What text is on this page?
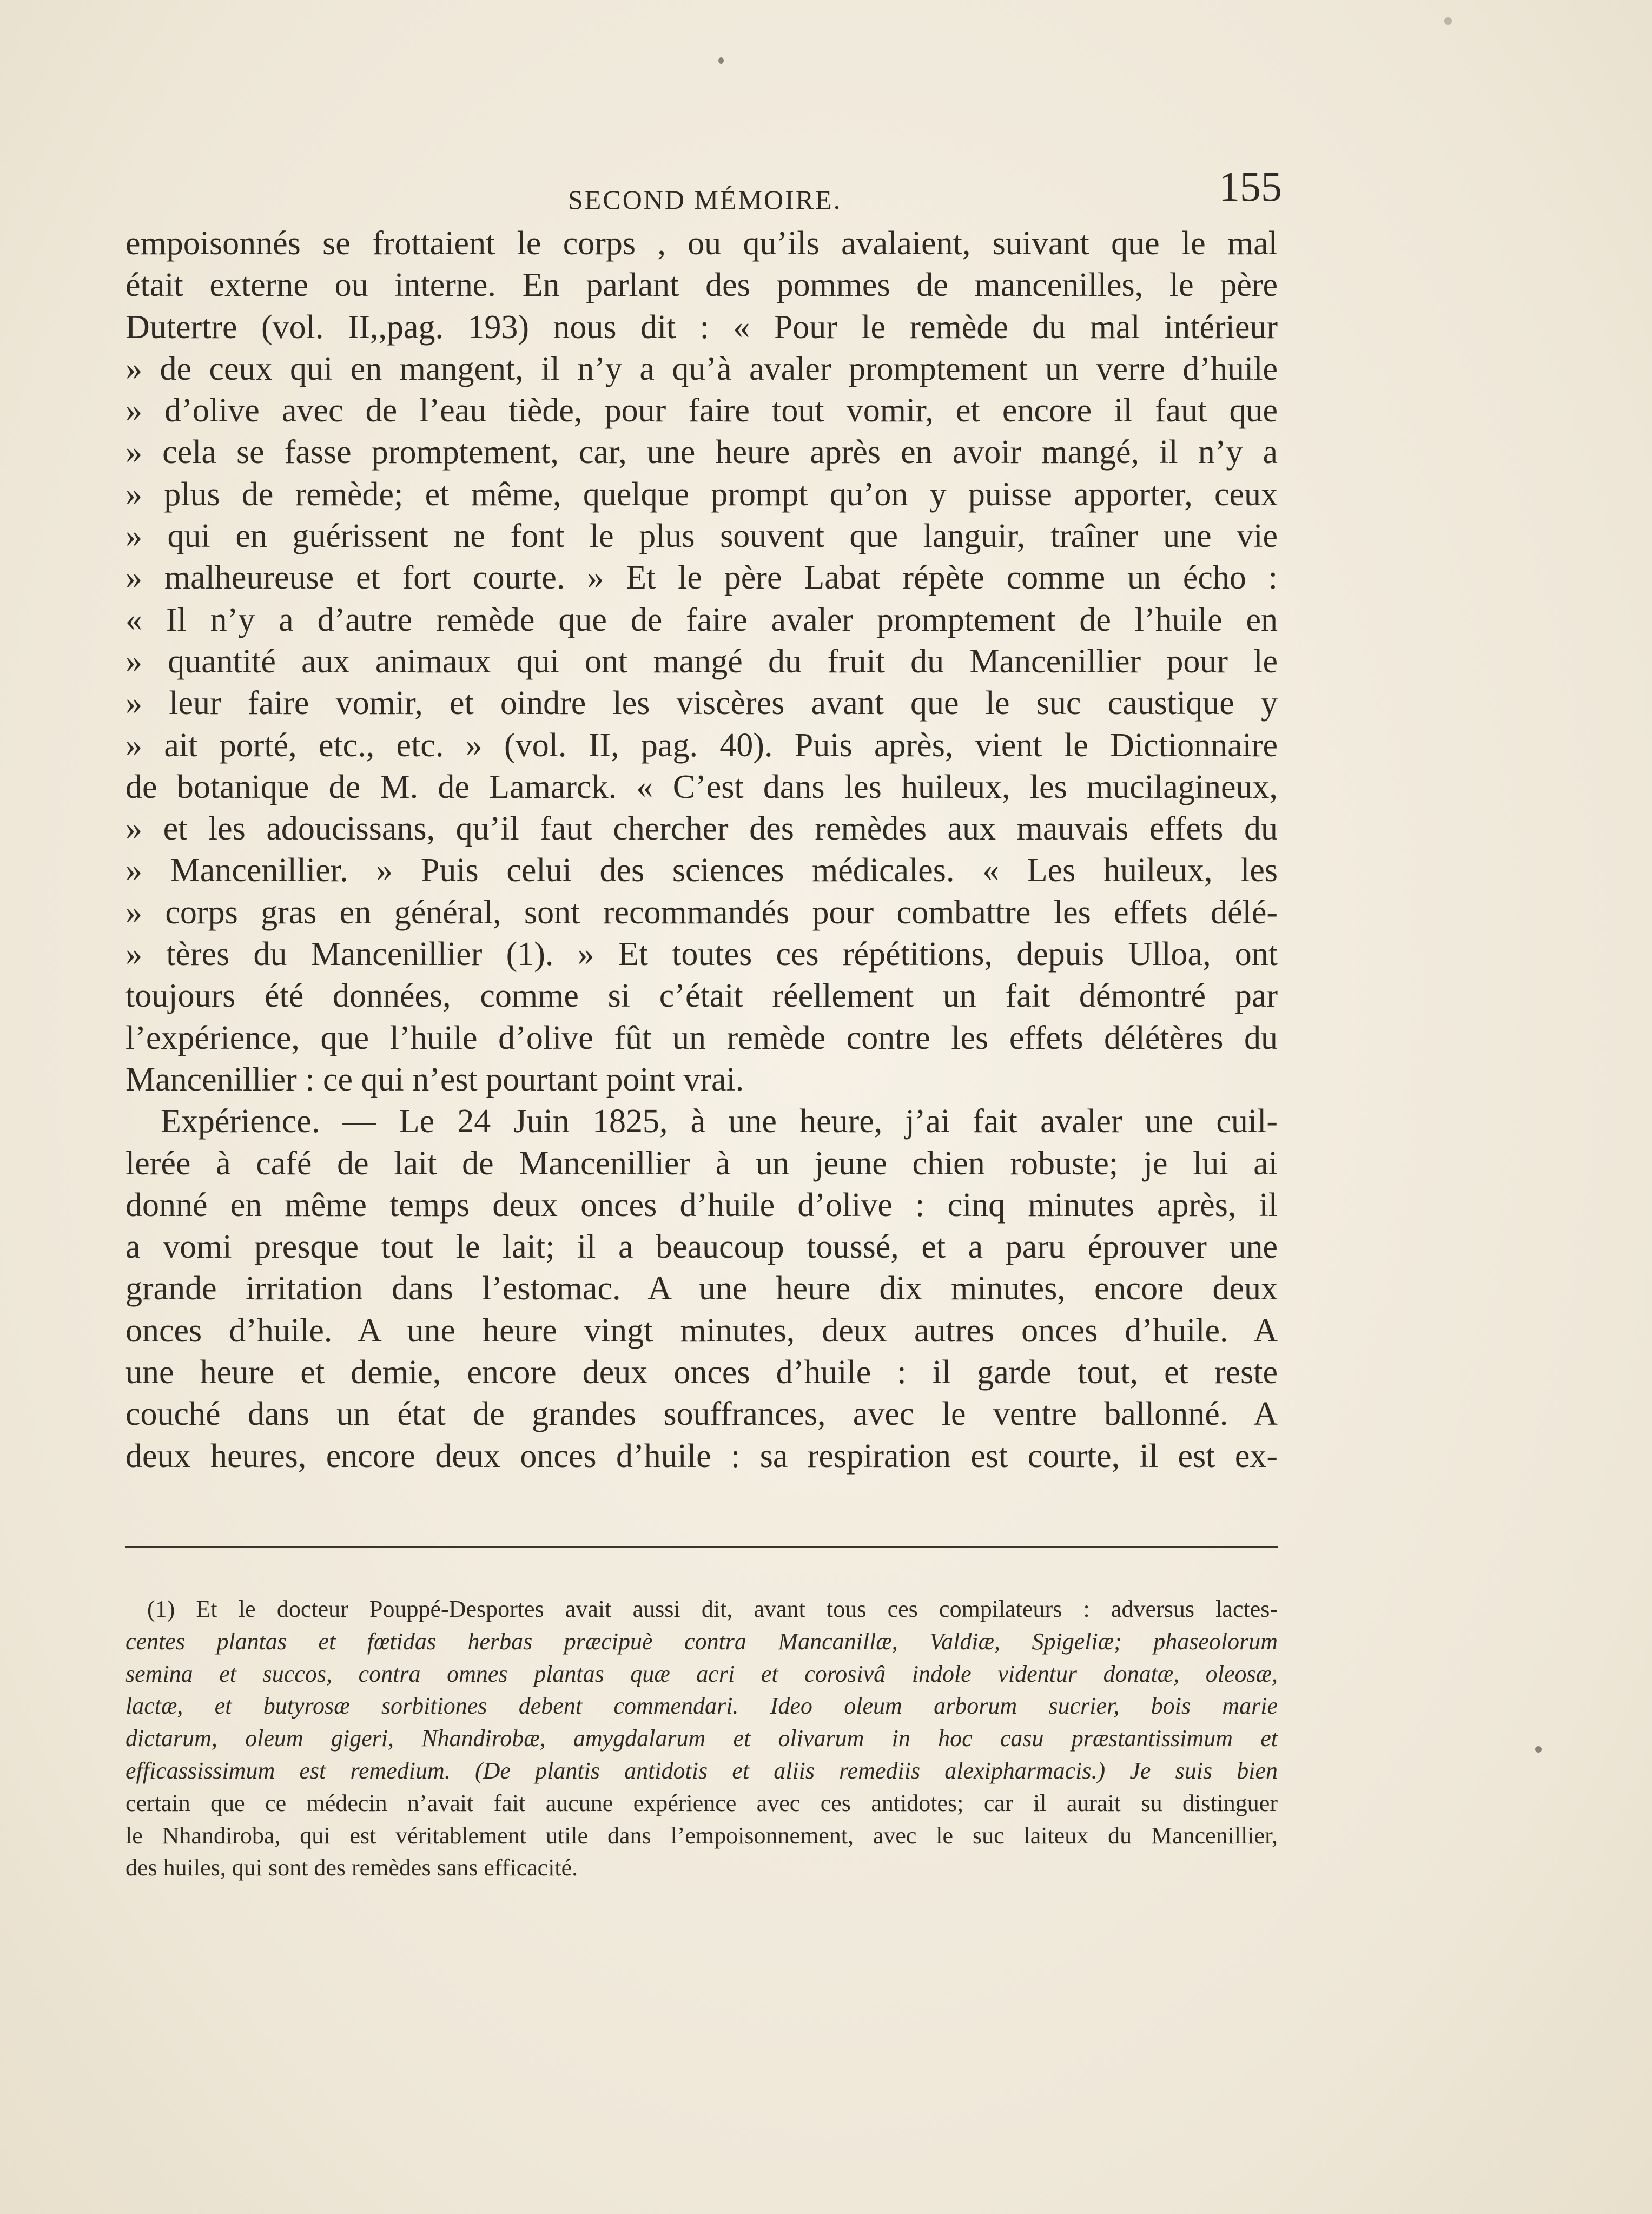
SECOND MÉMOIRE.	155
empoisonnés se frottaient le corps , ou qu’ils avalaient, suivant que le mal
était externe ou interne. En parlant des pommes de mancenilles, le père
Dutertre (vol. II,,pag. 193) nous dit : « Pour le remède du mal intérieur
» de ceux qui en mangent, il n’y a qu’à avaler promptement un verre d’huile
» d’olive avec de l’eau tiède, pour faire tout vomir, et encore il faut que
» cela se fasse promptement, car, une heure après en avoir mangé, il n’y a
» plus de remède; et même, quelque prompt qu’on y puisse apporter, ceux
» qui en guérissent ne font le plus souvent que languir, traîner une vie
» malheureuse et fort courte. » Et le père Labat répète comme un écho :
« Il n’y a d’autre remède que de faire avaler promptement de l’huile en
» quantité aux animaux qui ont mangé du fruit du Mancenillier pour le
» leur faire vomir, et oindre les viscères avant que le suc caustique y
» ait porté, etc., etc. » (vol. II, pag. 40). Puis après, vient le Dictionnaire
de botanique de M. de Lamarck. « C’est dans les huileux, les mucilagineux,
» et les adoucissans, qu’il faut chercher des remèdes aux mauvais effets du
» Mancenillier. » Puis celui des sciences médicales. « Les huileux, les
» corps gras en général, sont recommandés pour combattre les effets délé-
» tères du Mancenillier (1). » Et toutes ces répétitions, depuis Ulloa, ont
toujours été données, comme si c’était réellement un fait démontré par
l’expérience, que l’huile d’olive fût un remède contre les effets délétères du
Mancenillier : ce qui n’est pourtant point vrai.
Expérience. — Le 24 Juin 1825, à une heure, j’ai fait avaler une cuil-
lerée à café de lait de Mancenillier à un jeune chien robuste; je lui ai
donné en même temps deux onces d’huile d’olive : cinq minutes après, il
a vomi presque tout le lait; il a beaucoup toussé, et a paru éprouver une
grande irritation dans l’estomac. A une heure dix minutes, encore deux
onces d’huile. A une heure vingt minutes, deux autres onces d’huile. A
une heure et demie, encore deux onces d’huile : il garde tout, et reste
couché dans un état de grandes souffrances, avec le ventre ballonné. A
deux heures, encore deux onces d’huile : sa respiration est courte, il est ex-
(1) Et le docteur Pouppé-Desportes avait aussi dit, avant tous ces compilateurs : adversus lactes-
centes plantas et fœtidas herbas præcipuè contra Mancanillæ, Valdiæ, Spigeliæ; phaseolorum
semina et succos, contra omnes plantas quæ acri et corosivâ indole videntur donatæ, oleosæ,
lactæ, et butyrosæ sorbitiones debent commendari. Ideo oleum arborum sucrier, bois marie
dictarum, oleum gigeri, Nhandirobæ, amygdalarum et olivarum in hoc casu præstantissimum et
efficassissimum est remedium. (De plantis antidotis et aliis remediis alexipharmacis.) Je suis bien
certain que ce médecin n’avait fait aucune expérience avec ces antidotes; car il aurait su distinguer
le Nhandiroba, qui est véritablement utile dans l’empoisonnement, avec le suc laiteux du Mancenillier,
des huiles, qui sont des remèdes sans efficacité.
